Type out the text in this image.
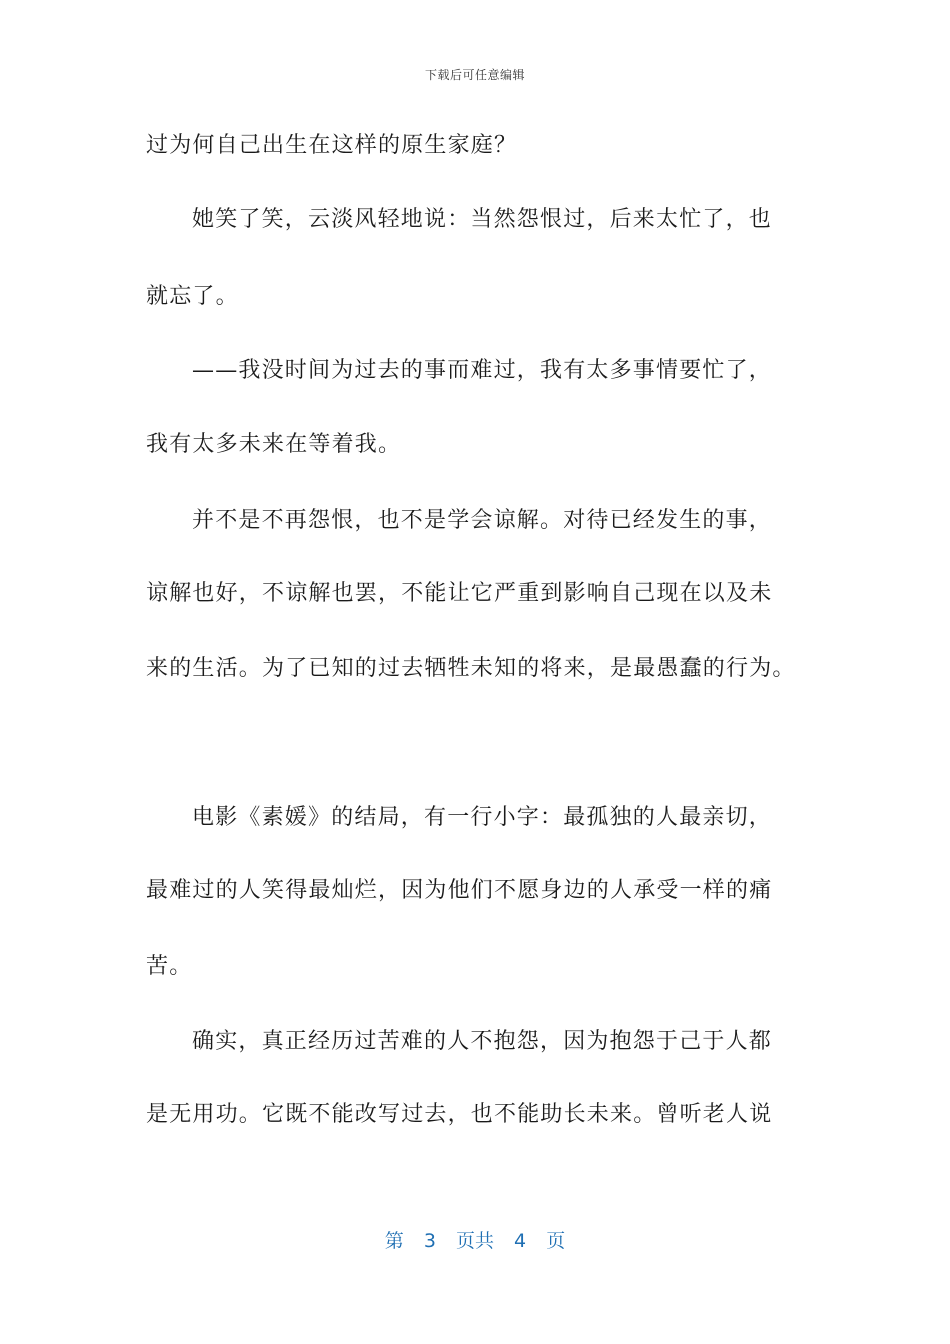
下载后可任意编辑
过为何自己出生在这样的原生家庭？
她笑了笑，云淡风轻地说：当然怨恨过，后来太忙了，也
就忘了。
——我没时间为过去的事而难过，我有太多事情要忙了，
我有太多未来在等着我。
并不是不再怨恨，也不是学会谅解。对待已经发生的事，
谅解也好，不谅解也罢，不能让它严重到影响自己现在以及未
来的生活。为了已知的过去牺牲未知的将来，是最愚蠢的行为。
电影《素媛》的结局，有一行小字：最孤独的人最亲切，
最难过的人笑得最灿烂，因为他们不愿身边的人承受一样的痛
苦。
确实，真正经历过苦难的人不抱怨，因为抱怨于己于人都
是无用功。它既不能改写过去，也不能助长未来。曾听老人说
第 3 页共 4 页
